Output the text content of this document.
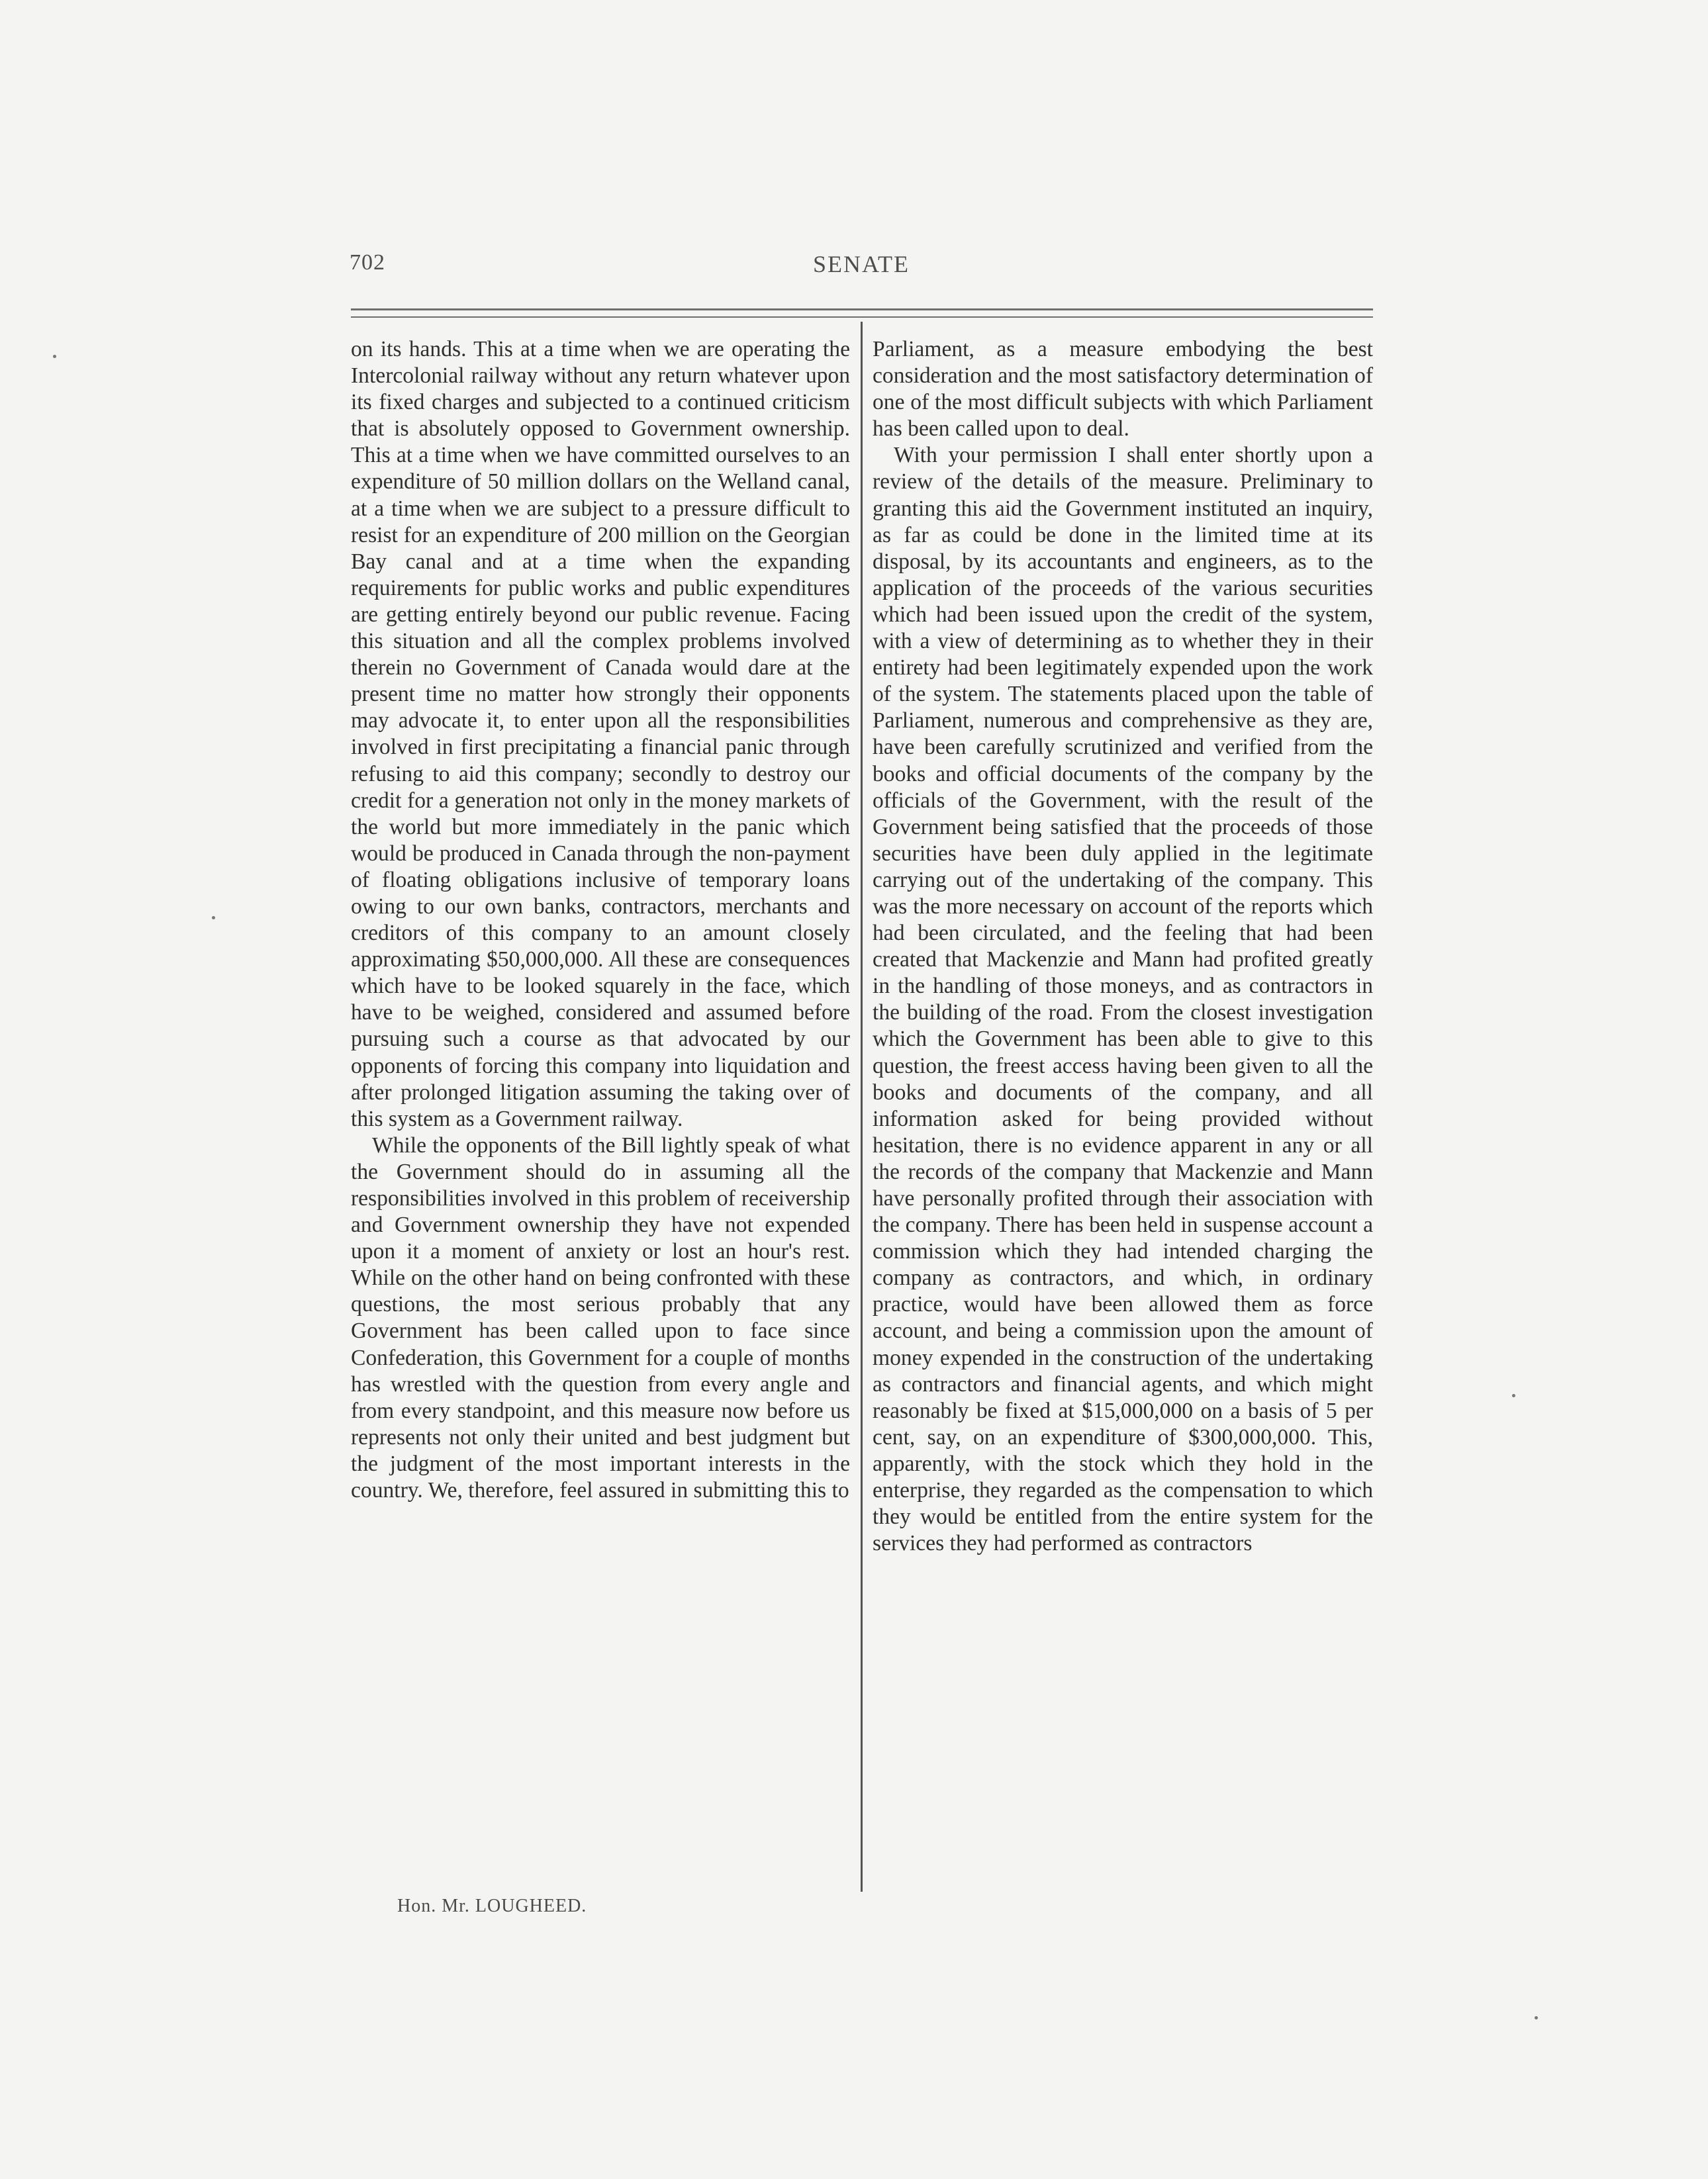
702	SENATE

on its hands. This at a time when we are operating the Intercolonial railway without any return whatever upon its fixed charges and subjected to a continued criticism that is absolutely opposed to Government ownership. This at a time when we have committed ourselves to an expenditure of 50 million dollars on the Welland canal, at a time when we are subject to a pressure difficult to resist for an expenditure of 200 million on the Georgian Bay canal and at a time when the expanding requirements for public works and public expenditures are getting entirely beyond our public revenue. Facing this situation and all the complex problems involved therein no Government of Canada would dare at the present time no matter how strongly their opponents may advocate it, to enter upon all the responsibilities involved in first precipitating a financial panic through refusing to aid this company; secondly to destroy our credit for a generation not only in the money markets of the world but more immediately in the panic which would be produced in Canada through the non-payment of floating obligations inclusive of temporary loans owing to our own banks, contractors, merchants and creditors of this company to an amount closely approximating $50,000,000. All these are consequences which have to be looked squarely in the face, which have to be weighed, considered and assumed before pursuing such a course as that advocated by our opponents of forcing this company into liquidation and after prolonged litigation assuming the taking over of this system as a Government railway.

While the opponents of the Bill lightly speak of what the Government should do in assuming all the responsibilities involved in this problem of receivership and Government ownership they have not expended upon it a moment of anxiety or lost an hour's rest. While on the other hand on being confronted with these questions, the most serious probably that any Government has been called upon to face since Confederation, this Government for a couple of months has wrestled with the question from every angle and from every standpoint, and this measure now before us represents not only their united and best judgment but the judgment of the most important interests in the country. We, therefore, feel assured in submitting this to

Parliament, as a measure embodying the best consideration and the most satisfactory determination of one of the most difficult subjects with which Parliament has been called upon to deal.

With your permission I shall enter shortly upon a review of the details of the measure. Preliminary to granting this aid the Government instituted an inquiry, as far as could be done in the limited time at its disposal, by its accountants and engineers, as to the application of the proceeds of the various securities which had been issued upon the credit of the system, with a view of determining as to whether they in their entirety had been legitimately expended upon the work of the system. The statements placed upon the table of Parliament, numerous and comprehensive as they are, have been carefully scrutinized and verified from the books and official documents of the company by the officials of the Government, with the result of the Government being satisfied that the proceeds of those securities have been duly applied in the legitimate carrying out of the undertaking of the company. This was the more necessary on account of the reports which had been circulated, and the feeling that had been created that Mackenzie and Mann had profited greatly in the handling of those moneys, and as contractors in the building of the road. From the closest investigation which the Government has been able to give to this question, the freest access having been given to all the books and documents of the company, and all information asked for being provided without hesitation, there is no evidence apparent in any or all the records of the company that Mackenzie and Mann have personally profited through their association with the company. There has been held in suspense account a commission which they had intended charging the company as contractors, and which, in ordinary practice, would have been allowed them as force account, and being a commission upon the amount of money expended in the construction of the undertaking as contractors and financial agents, and which might reasonably be fixed at $15,000,000 on a basis of 5 per cent, say, on an expenditure of $300,000,000. This, apparently, with the stock which they hold in the enterprise, they regarded as the compensation to which they would be entitled from the entire system for the services they had performed as contractors

Hon. Mr. LOUGHEED.
